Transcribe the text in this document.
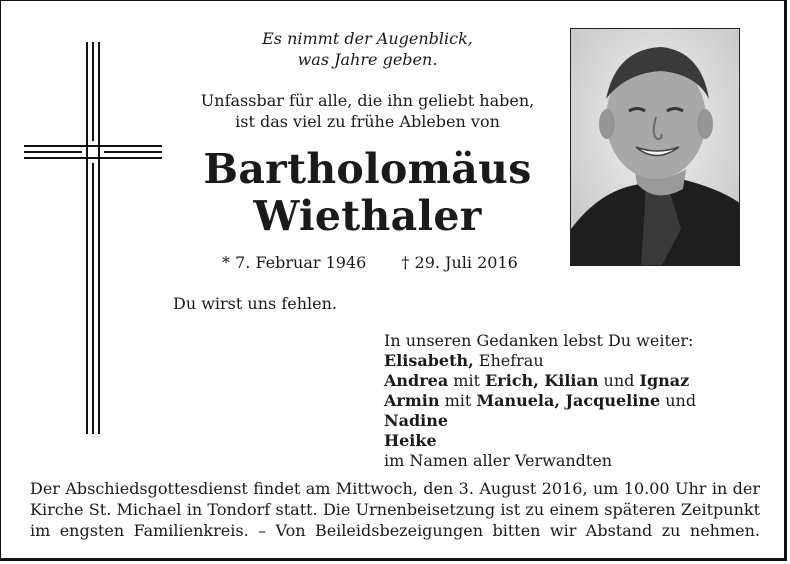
Es nimmt der Augenblick,
was Jahre geben.
Unfassbar für alle, die ihn geliebt haben,
ist das viel zu frühe Ableben von
Bartholomäus
Wiethaler
* 7. Februar 1946 † 29. Juli 2016
Du wirst uns fehlen.
In unseren Gedanken lebst Du weiter:
Elisabeth, Ehefrau
Andrea mit Erich, Kilian und Ignaz
Armin mit Manuela, Jacqueline und Nadine
Heike
im Namen aller Verwandten
Der Abschiedsgottesdienst findet am Mittwoch, den 3. August 2016, um 10.00 Uhr in der
Kirche St. Michael in Tondorf statt. Die Urnenbeisetzung ist zu einem späteren Zeitpunkt
im engsten Familienkreis. – Von Beileidsbezeigungen bitten wir Abstand zu nehmen.
